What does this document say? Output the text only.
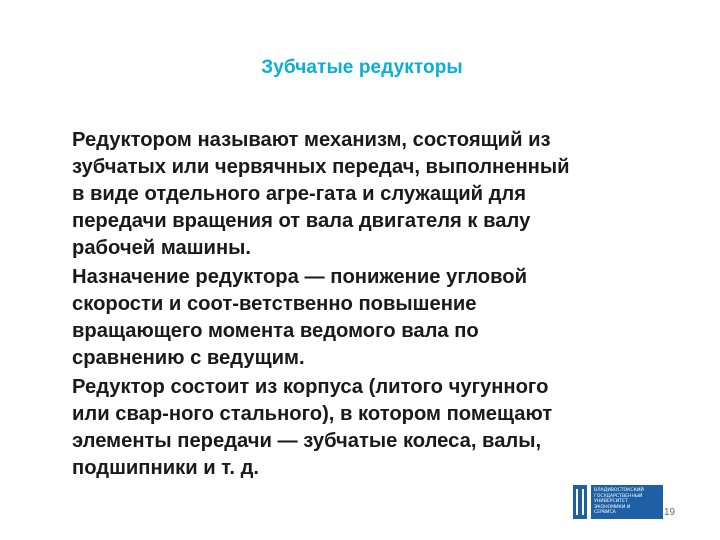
Зубчатые редукторы

Редуктором называют механизм, состоящий из
зубчатых или червячных передач, выполненный
в виде отдельного агре-гата и служащий для
передачи вращения от вала двигателя к валу
рабочей машины.

Назначение редуктора — понижение угловой
скорости и соот-ветственно повышение
вращающего момента ведомого вала по
сравнению с ведущим.

Редуктор состоит из корпуса (литого чугунного
или свар-ного стального), в котором помещают
элементы передачи — зубчатые колеса, валы,
подшипники и т. д.

ВЛАДИВОСТОКСКИЙ
ГОСУДАРСТВЕННЫЙ
УНИВЕРСИТЕТ
ЭКОНОМИКИ И
СЕРВИСА	19
